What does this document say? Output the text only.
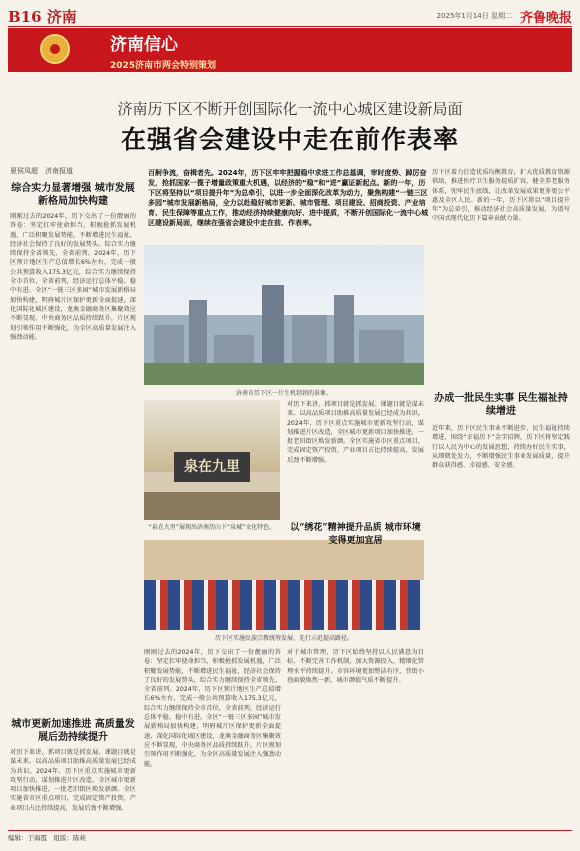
B16 济南	2025年1月14日 星期二 齐鲁晚报
济南信心
2025济南市两会特别策划
济南历下区不断开创国际化一流中心城区建设新局面
在强省会建设中走在前作表率
夏侯凤超　济南报道	百舸争流，奋楫者先。2024年，历下区牢牢把握稳中求进工作总基调，审时度势、踔厉奋发，抢抓国家一揽子增量政策重大机遇，以经济的“稳”和“进”赢证新起点。新的一年，历下区将坚持以“项目提升年”为总牵引，以进一步全面深化改革为动力，聚焦构建“一链三区多园”城市发展新格局，全力以赴稳好城市更新、城市管理、项目建设、招商投资、产业培育、民生保障等重点工作，推动经济持续健康向好、进中提质，不断开创国际化一流中心城区建设新局面，继续在强省会建设中走在前、作表率。
综合实力显著增强 城市发展新格局加快构建
刚刚过去的2024年，历下交出了一份靓丽的答卷：坚定扛牢使命担当，积极抢抓发展机遇，广泛积聚发展势能，不断增进民生福祉，经济社会保持了良好的发展势头，综合实力继续保持全省领先、全省前列。2024年，历下区预计地区生产总值增长6%左右，完成一般公共预算收入175.3亿元，综合实力继续保持全市首位，全省前列，经济运行总体平稳、稳中有进。全区“一链三区多园”城市发展新格局加快构建，明府城片区保护更新全面提速，深化国际化城区建设，龙奥金融商务区集聚效应不断显现，中央商务区品质持续跃升，片区规划引领作用不断强化，为全区高质量发展注入强劲动能。
城市更新加速推进 高质量发展后劲持续提升
对历下来讲，抓项目就是抓发展。课题目就是谋未来。以高品质项目助推高质量发展已经成为共识。2024年，历下区重点实施城市更新攻坚行动，谋划推进片区改造，全区城市更新项目加快推进，一批老旧街区焕发新颜。全区实施省市区重点项目，完成固定资产投资，产业项目占比持续提高，发展后劲不断增强。
济南市历下区一片生机勃勃的景象。
泉在九里
“泉在九里”展现出济南历山下“泉城”文化特色。
历下区实施民族宗教统筹发展、先行示范提高路径。
对历下来讲，抓项目就是抓发展。课题目就是谋未来。以高品质项目助推高质量发展已经成为共识。2024年，历下区重点实施城市更新攻坚行动，谋划推进片区改造，全区城市更新项目加快推进，一批老旧街区焕发新颜。全区实施省市区重点项目，完成固定资产投资，产业项目占比持续提高，发展后劲不断增强。
以“绣花”精神提升品质 城市环境变得更加宜居
刚刚过去的2024年，历下交出了一份靓丽的答卷：坚定扛牢使命担当，积极抢抓发展机遇，广泛积聚发展势能，不断增进民生福祉，经济社会保持了良好的发展势头，综合实力继续保持全省领先、全省前列。2024年，历下区预计地区生产总值增长6%左右，完成一般公共预算收入175.3亿元，综合实力继续保持全市首位，全省前列，经济运行总体平稳、稳中有进。全区“一链三区多园”城市发展新格局加快构建，明府城片区保护更新全面提速，深化国际化城区建设，龙奥金融商务区集聚效应不断显现，中央商务区品质持续跃升，片区规划引领作用不断强化，为全区高质量发展注入强劲动能。
对于城市管理，历下区始终坚持以人民满意为目标，不断完善工作机制，加大资源投入，精细化管理水平持续提升。市容环境更加整洁有序，背街小巷面貌焕然一新，城市颜值气质不断提升。
历下区着力打造优质均衡教育，扩大优质教育资源供给，推进医疗卫生服务提质扩容，健全养老服务体系，兜牢民生底线，让改革发展成果更多更公平惠及全区人民。新的一年，历下区将以“项目提升年”为总牵引，推动经济社会高质量发展，为谱写中国式现代化历下篇章贡献力量。
办成一批民生实事 民生福祉持续增进
近年来，历下区民生事业不断进步，民生福祉持续增进，围绕“幸福历下”金字招牌，历下区将坚定践行以人民为中心的发展思想，持续办好民生实事，从细微处发力，不断增强民生事业发展质量，提升群众获得感、幸福感、安全感。
编辑：于海霞　组版：陈莉
